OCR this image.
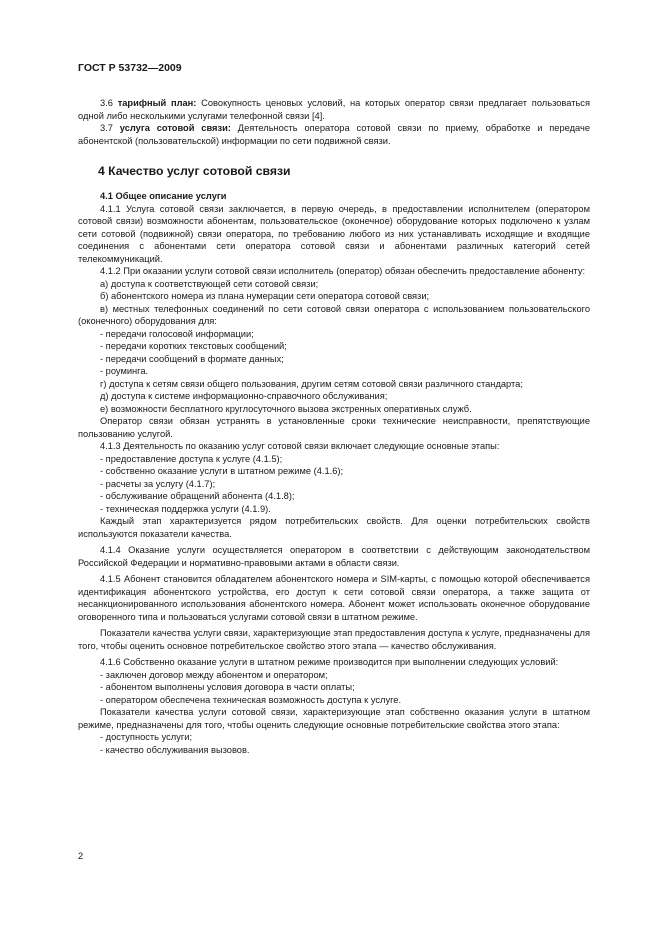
ГОСТ Р 53732—2009

3.6 тарифный план: Совокупность ценовых условий, на которых оператор связи предлагает пользоваться одной либо несколькими услугами телефонной связи [4].

3.7 услуга сотовой связи: Деятельность оператора сотовой связи по приему, обработке и передаче абонентской (пользовательской) информации по сети подвижной связи.

4 Качество услуг сотовой связи
4.1 Общее описание услуги

4.1.1 Услуга сотовой связи заключается, в первую очередь, в предоставлении исполнителем (оператором сотовой связи) возможности абонентам, пользовательское (оконечное) оборудование которых подключено к узлам сети сотовой (подвижной) связи оператора, по требованию любого из них устанавливать исходящие и входящие соединения с абонентами сети оператора сотовой связи и абонентами различных категорий сетей телекоммуникаций.

4.1.2 При оказании услуги сотовой связи исполнитель (оператор) обязан обеспечить предоставление абоненту:

а) доступа к соответствующей сети сотовой связи;

б) абонентского номера из плана нумерации сети оператора сотовой связи;

в) местных телефонных соединений по сети сотовой связи оператора с использованием пользовательского (оконечного) оборудования для:

- передачи голосовой информации;

- передачи коротких текстовых сообщений;

- передачи сообщений в формате данных;

- роуминга.

г) доступа к сетям связи общего пользования, другим сетям сотовой связи различного стандарта;

д) доступа к системе информационно-справочного обслуживания;

е) возможности бесплатного круглосуточного вызова экстренных оперативных служб.

Оператор связи обязан устранять в установленные сроки технические неисправности, препятствующие пользованию услугой.

4.1.3 Деятельность по оказанию услуг сотовой связи включает следующие основные этапы:

- предоставление доступа к услуге (4.1.5);

- собственно оказание услуги в штатном режиме (4.1.6);

- расчеты за услугу (4.1.7);

- обслуживание обращений абонента (4.1.8);

- техническая поддержка услуги (4.1.9).

Каждый этап характеризуется рядом потребительских свойств. Для оценки потребительских свойств используются показатели качества.

4.1.4 Оказание услуги осуществляется оператором в соответствии с действующим законодательством Российской Федерации и нормативно-правовыми актами в области связи.

4.1.5 Абонент становится обладателем абонентского номера и SIM-карты, с помощью которой обеспечивается идентификация абонентского устройства, его доступ к сети сотовой связи оператора, а также защита от несанкционированного использования абонентского номера. Абонент может использовать оконечное оборудование оговоренного типа и пользоваться услугами сотовой связи в штатном режиме.

Показатели качества услуги связи, характеризующие этап предоставления доступа к услуге, предназначены для того, чтобы оценить основное потребительское свойство этого этапа — качество обслуживания.

4.1.6 Собственно оказание услуги в штатном режиме производится при выполнении следующих условий:

- заключен договор между абонентом и оператором;

- абонентом выполнены условия договора в части оплаты;

- оператором обеспечена техническая возможность доступа к услуге.

Показатели качества услуги сотовой связи, характеризующие этап собственно оказания услуги в штатном режиме, предназначены для того, чтобы оценить следующие основные потребительские свойства этого этапа:

- доступность услуги;

- качество обслуживания вызовов.

2
